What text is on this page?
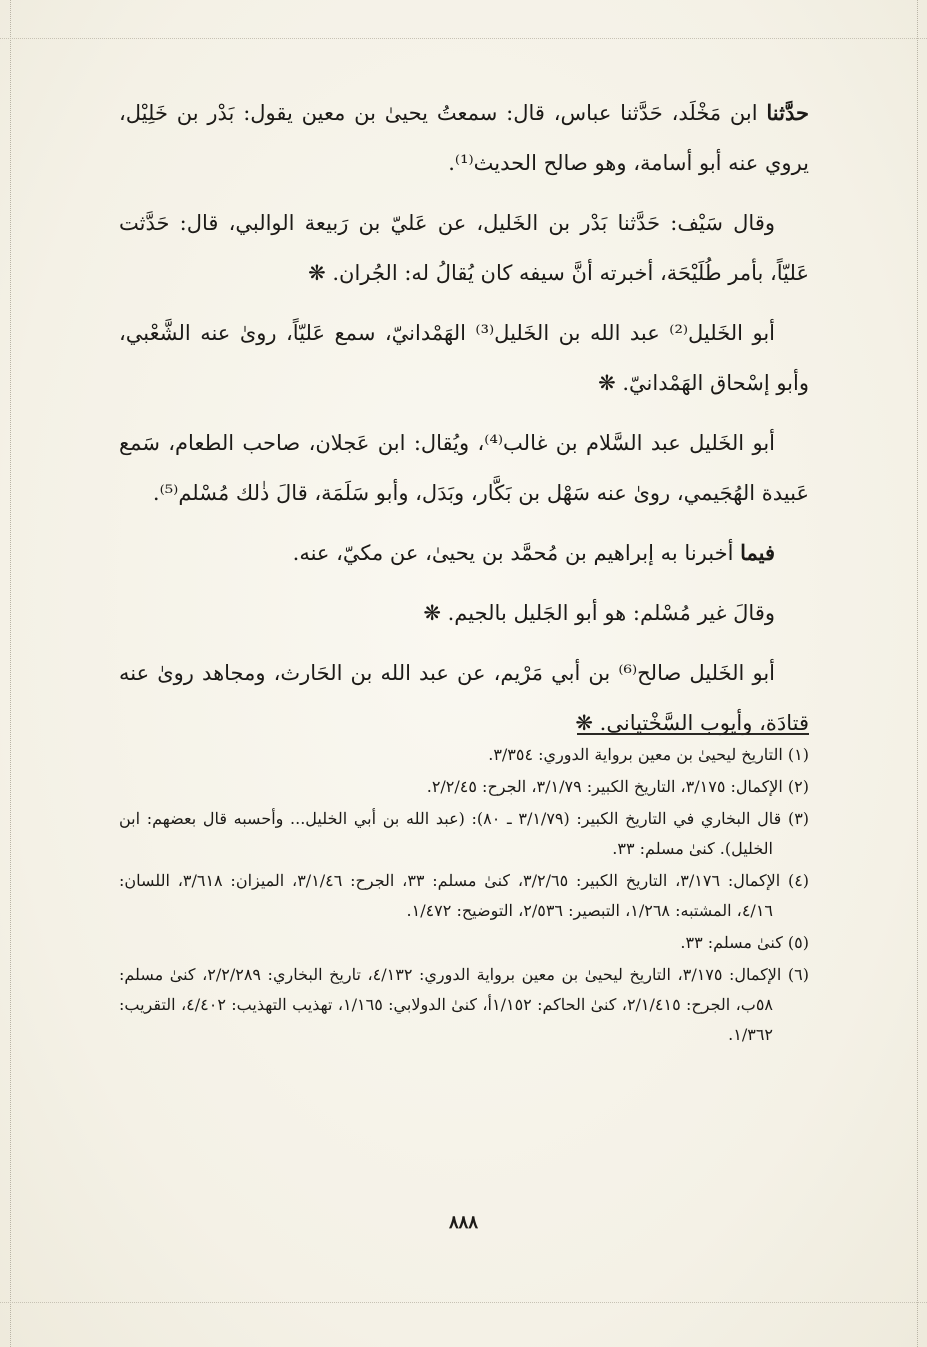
حدَّثنا ابن مَخْلَد، حَدَّثنا عباس، قال: سمعتُ يحيىٰ بن معين يقول: بَدْر بن خَلِيْل، يروي عنه أبو أسامة، وهو صالح الحديث⁽¹⁾.

وقال سَيْف: حَدَّثنا بَدْر بن الخَليل، عن عَليّ بن رَبيعة الوالبي، قال: حَدَّثت عَليّاً، بأمر طُلَيْحَة، أخبرته أنَّ سيفه كان يُقالُ له: الجُران. ❋

أبو الخَليل⁽²⁾ عبد الله بن الخَليل⁽³⁾ الهَمْدانيّ، سمع عَليّاً، روىٰ عنه الشَّعْبي، وأبو إسْحاق الهَمْدانيّ. ❋

أبو الخَليل عبد السَّلام بن غالب⁽⁴⁾، ويُقال: ابن عَجلان، صاحب الطعام، سَمع عَبيدة الهُجَيمي، روىٰ عنه سَهْل بن بَكَّار، وبَدَل، وأبو سَلَمَة، قالَ ذٰلك مُسْلم⁽⁵⁾.

فيما أخبرنا به إبراهيم بن مُحمَّد بن يحيىٰ، عن مكيّ، عنه.

وقالَ غير مُسْلم: هو أبو الجَليل بالجيم. ❋

أبو الخَليل صالح⁽⁶⁾ بن أبي مَرْيم، عن عبد الله بن الحَارث، ومجاهد روىٰ عنه قتادَة، وأيوب السَّخْتياني. ❋

(١) التاريخ ليحيىٰ بن معين برواية الدوري: ٣/٣٥٤.

(٢) الإكمال: ٣/١٧٥، التاريخ الكبير: ٣/١/٧٩، الجرح: ٢/٢/٤٥.

(٣) قال البخاري في التاريخ الكبير: (٣/١/٧٩ ـ ٨٠): (عبد الله بن أبي الخليل... وأحسبه قال بعضهم: ابن الخليل). كنىٰ مسلم: ٣٣.

(٤) الإكمال: ٣/١٧٦، التاريخ الكبير: ٣/٢/٦٥، كنىٰ مسلم: ٣٣، الجرح: ٣/١/٤٦، الميزان: ٣/٦١٨، اللسان: ٤/١٦، المشتبه: ١/٢٦٨، التبصير: ٢/٥٣٦، التوضيح: ١/٤٧٢.

(٥) كنىٰ مسلم: ٣٣.

(٦) الإكمال: ٣/١٧٥، التاريخ ليحيىٰ بن معين برواية الدوري: ٤/١٣٢، تاريخ البخاري: ٢/٢/٢٨٩، كنىٰ مسلم: ٥٨ب، الجرح: ٢/١/٤١٥، كنىٰ الحاكم: ١/١٥٢أ، كنىٰ الدولابي: ١/١٦٥، تهذيب التهذيب: ٤/٤٠٢، التقريب: ١/٣٦٢.

٨٨٨
